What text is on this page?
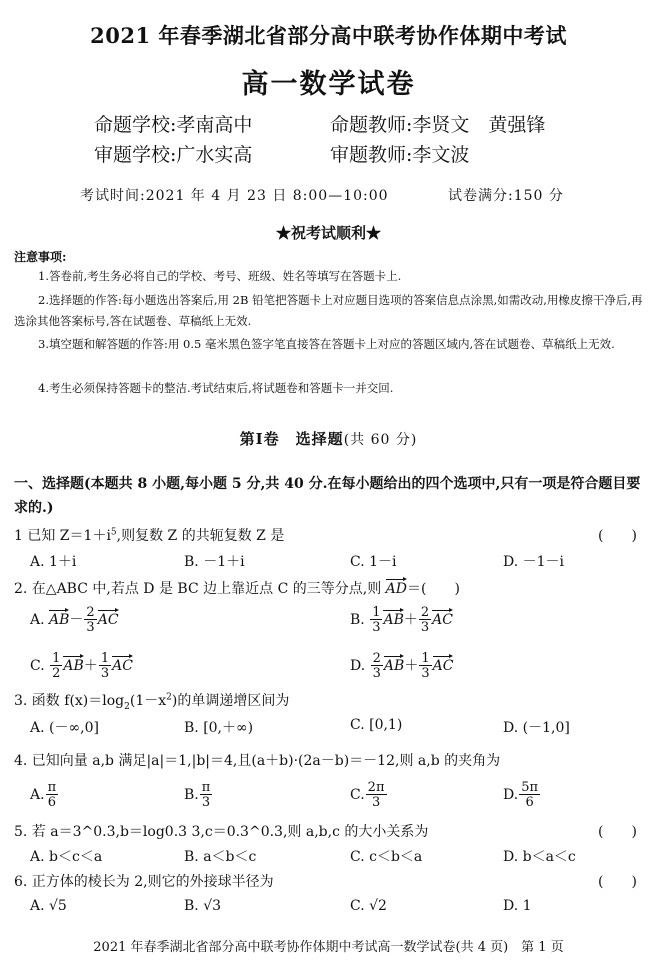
2021 年春季湖北省部分高中联考协作体期中考试
高一数学试卷
命题学校:孝南高中	命题教师:李贤文　黄强锋
审题学校:广水实高	审题教师:李文波
考试时间:2021 年 4 月 23 日 8:00—10:00	试卷满分:150 分
★祝考试顺利★
注意事项:
1.答卷前,考生务必将自己的学校、考号、班级、姓名等填写在答题卡上.
2.选择题的作答:每小题选出答案后,用 2B 铅笔把答题卡上对应题目选项的答案信息点涂黑,如需改动,用橡皮擦干净后,再选涂其他答案标号,答在试题卷、草稿纸上无效.
3.填空题和解答题的作答:用 0.5 毫米黑色签字笔直接答在答题卡上对应的答题区域内,答在试题卷、草稿纸上无效.
4.考生必须保持答题卡的整洁.考试结束后,将试题卷和答题卡一并交回.
第Ⅰ卷　选择题(共 60 分)
一、选择题(本题共 8 小题,每小题 5 分,共 40 分.在每小题给出的四个选项中,只有一项是符合题目要求的.)
1 已知 $Z=1+i^5$,则复数 Z 的共轭复数 Z 是	(　　)
A. 1＋i	B. －1＋i	C. 1－i	D. －1－i
2. 在△ABC 中,若点 D 是 BC 边上靠近点 C 的三等分点,则 AD＝(　　)
A. $AB- \frac{2}{3}$ AC	B. $\frac{1}{3} AB+ \frac{2}{3}$ AC
C. $\frac{1}{2} AB+ \frac{1}{3}$ AC	D. $\frac{2}{3} AB+ \frac{1}{3}$ AC
3. 函数 $f(x)=\log_2(1-x^2)$的单调递增区间为
A. (－∞,0]	B. [0,＋∞)	C. [0,1)	D. (－1,0]
4. 已知向量 a,b 满足|a|＝1,|b|＝4,且(a＋b)·(2a－b)＝－12,则 a,b 的夹角为
A. $\frac{\pi}{6}$	B. $\frac{\pi}{3}$	C. $\frac{2\pi}{3}$	D. $\frac{5\pi}{6}$
5. 若 a＝3^0.3,b＝log0.3 3,c＝0.3^0.3,则 a,b,c 的大小关系为	(　　)
A. b＜c＜a	B. a＜b＜c	C. c＜b＜a	D. b＜a＜c
6. 正方体的棱长为 2,则它的外接球半径为	(　　)
A. √5	B. √3	C. √2	D. 1
2021 年春季湖北省部分高中联考协作体期中考试高一数学试卷(共 4 页)　第 1 页
